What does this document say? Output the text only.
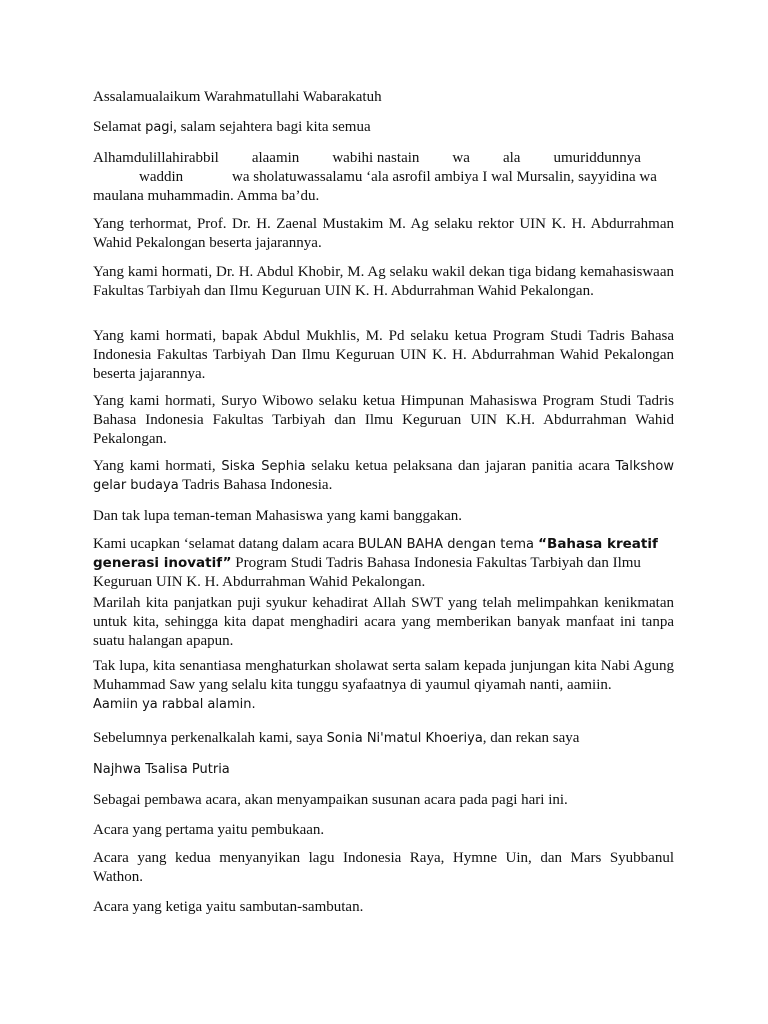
Assalamualaikum Warahmatullahi Wabarakatuh

Selamat pagi, salam sejahtera bagi kita semua

Alhamdulillahirabbil alaamin wabihi nastain wa ala umuriddunnya
waddin	wa sholatuwassalamu ‘ala asrofil ambiya I wal Mursalin, sayyidina wa
maulana muhammadin. Amma ba’du.

Yang terhormat, Prof. Dr. H. Zaenal Mustakim M. Ag selaku rektor UIN K. H. Abdurrahman Wahid Pekalongan beserta jajarannya.

Yang kami hormati, Dr. H. Abdul Khobir, M. Ag selaku wakil dekan tiga bidang kemahasiswaan Fakultas Tarbiyah dan Ilmu Keguruan UIN K. H. Abdurrahman Wahid Pekalongan.

Yang kami hormati, bapak Abdul Mukhlis, M. Pd selaku ketua Program Studi Tadris Bahasa Indonesia Fakultas Tarbiyah Dan Ilmu Keguruan UIN K. H. Abdurrahman Wahid Pekalongan beserta jajarannya.

Yang kami hormati, Suryo Wibowo selaku ketua Himpunan Mahasiswa Program Studi Tadris Bahasa Indonesia Fakultas Tarbiyah dan Ilmu Keguruan UIN K.H. Abdurrahman Wahid Pekalongan.

Yang kami hormati, Siska Sephia selaku ketua pelaksana dan jajaran panitia acara Talkshow gelar budaya Tadris Bahasa Indonesia.

Dan tak lupa teman-teman Mahasiswa yang kami banggakan.

Kami ucapkan ‘selamat datang dalam acara BULAN BAHA dengan tema “Bahasa kreatif generasi inovatif” Program Studi Tadris Bahasa Indonesia Fakultas Tarbiyah dan Ilmu Keguruan UIN K. H. Abdurrahman Wahid Pekalongan.

Marilah kita panjatkan puji syukur kehadirat Allah SWT yang telah melimpahkan kenikmatan untuk kita, sehingga kita dapat menghadiri acara yang memberikan banyak manfaat ini tanpa suatu halangan apapun.

Tak lupa, kita senantiasa menghaturkan sholawat serta salam kepada junjungan kita Nabi Agung Muhammad Saw yang selalu kita tunggu syafaatnya di yaumul qiyamah nanti, aamiin.

Aamiin ya rabbal alamin.

Sebelumnya perkenalkalah kami, saya Sonia Ni'matul Khoeriya, dan rekan saya

Najhwa Tsalisa Putria

Sebagai pembawa acara, akan menyampaikan susunan acara pada pagi hari ini.

Acara yang pertama yaitu pembukaan.

Acara yang kedua menyanyikan lagu Indonesia Raya, Hymne Uin, dan Mars Syubbanul Wathon.

Acara yang ketiga yaitu sambutan-sambutan.
